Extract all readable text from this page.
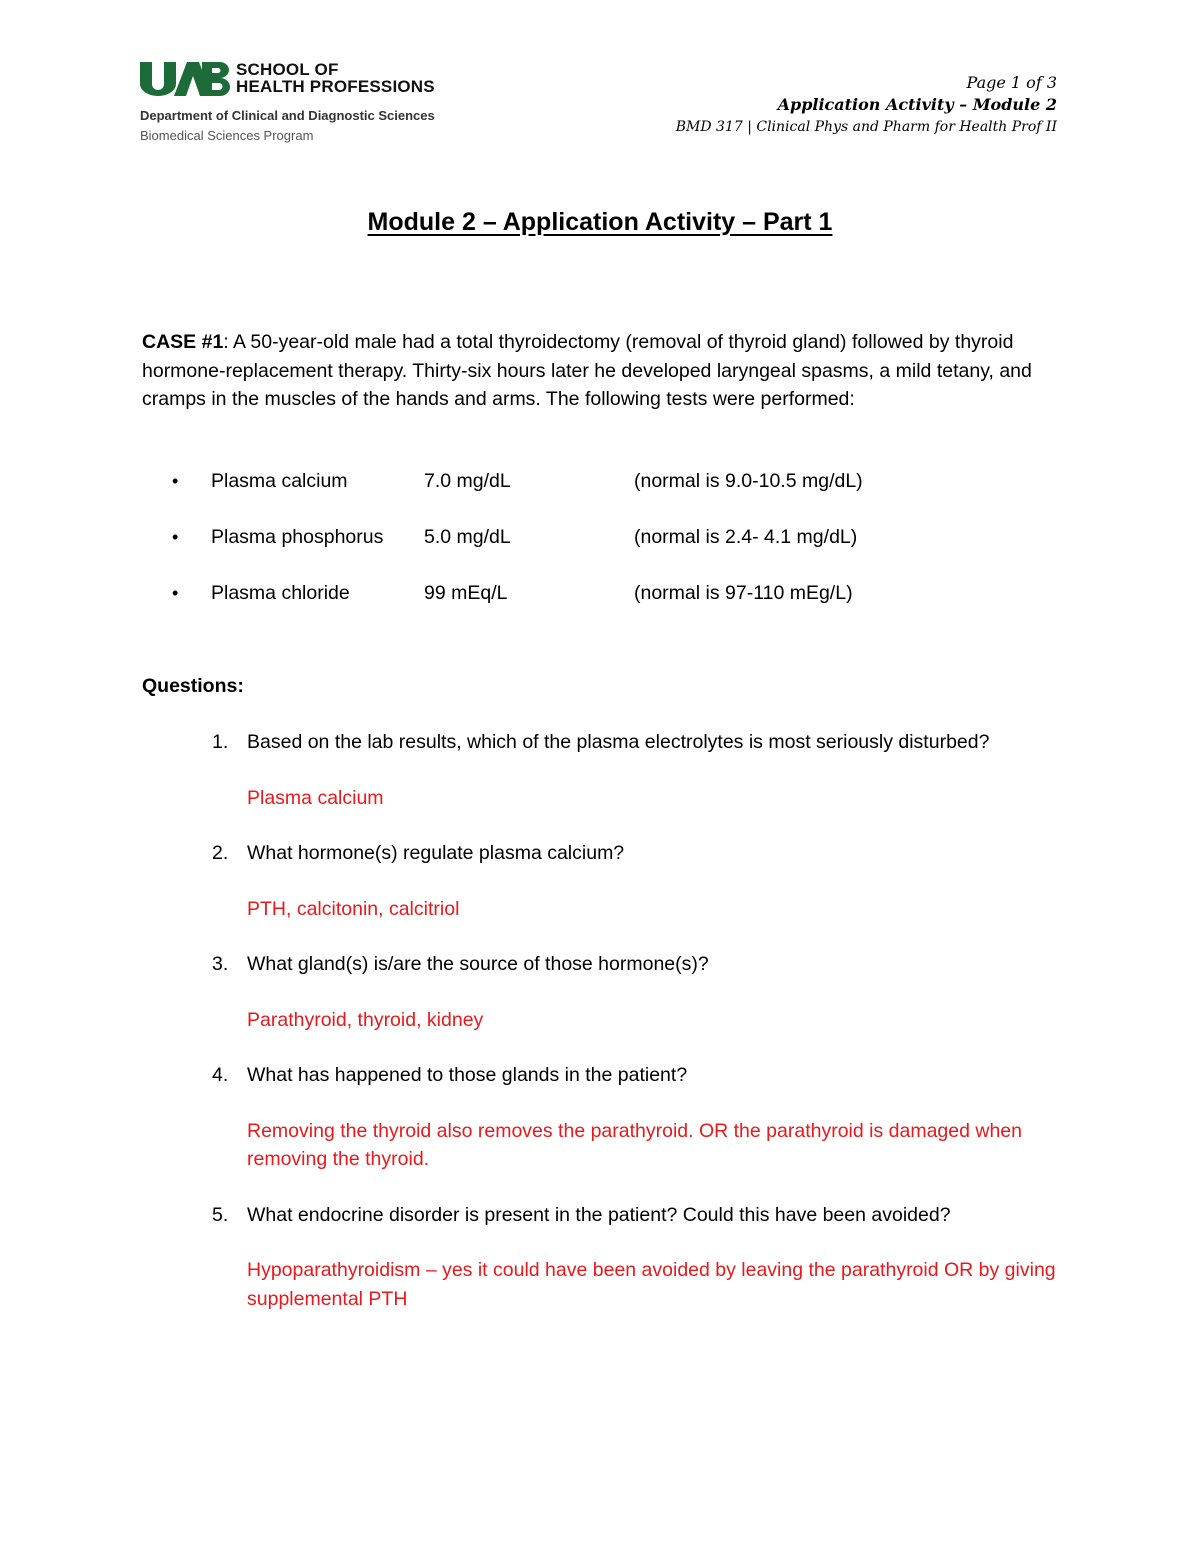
SCHOOL OF
HEALTH PROFESSIONS
Department of Clinical and Diagnostic Sciences
Biomedical Sciences Program
Page 1 of 3
Application Activity – Module 2
BMD 317 | Clinical Phys and Pharm for Health Prof II
Module 2 – Application Activity – Part 1
CASE #1: A 50-year-old male had a total thyroidectomy (removal of thyroid gland) followed by thyroid hormone-replacement therapy. Thirty-six hours later he developed laryngeal spasms, a mild tetany, and cramps in the muscles of the hands and arms. The following tests were performed:
• Plasma calcium	7.0 mg/dL	(normal is 9.0-10.5 mg/dL)
• Plasma phosphorus 5.0 mg/dL	(normal is 2.4- 4.1 mg/dL)
• Plasma chloride	99 mEq/L	(normal is 97-110 mEg/L)
Questions:
1. Based on the lab results, which of the plasma electrolytes is most seriously disturbed?
Plasma calcium
2. What hormone(s) regulate plasma calcium?
PTH, calcitonin, calcitriol
3. What gland(s) is/are the source of those hormone(s)?
Parathyroid, thyroid, kidney
4. What has happened to those glands in the patient?
Removing the thyroid also removes the parathyroid. OR the parathyroid is damaged when removing the thyroid.
5. What endocrine disorder is present in the patient? Could this have been avoided?
Hypoparathyroidism – yes it could have been avoided by leaving the parathyroid OR by giving supplemental PTH
